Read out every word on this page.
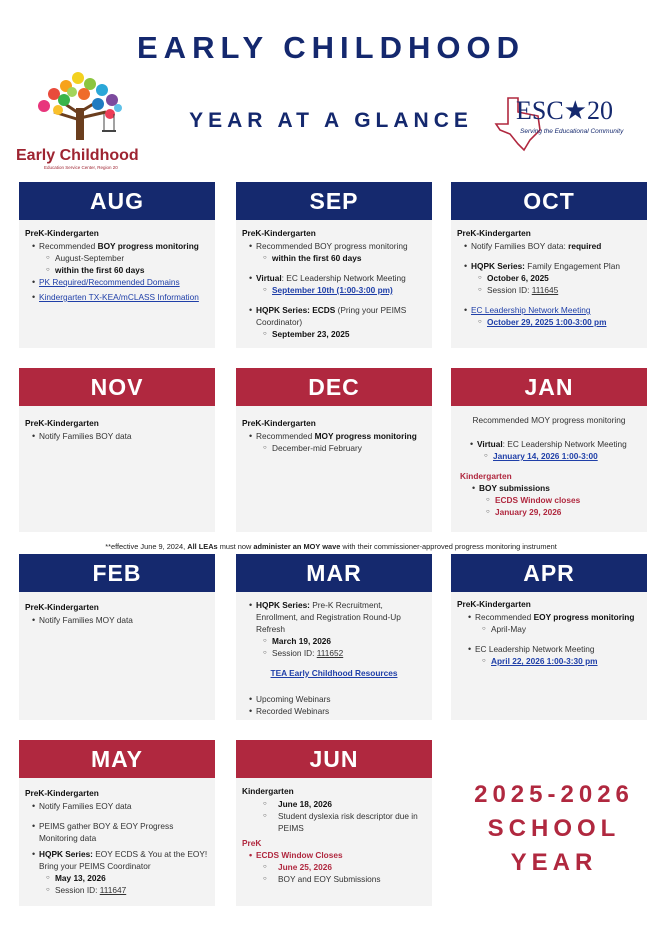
EARLY CHILDHOOD
YEAR AT A GLANCE
Early Childhood
Education Service Center, Region 20
ESC★20
Serving the Educational Community
AUG
PreK-Kindergarten
• Recommended BOY progress monitoring
○ August-September
○ within the first 60 days
• PK Required/Recommended Domains
• Kindergarten TX-KEA/mCLASS Information
SEP
PreK-Kindergarten
• Recommended BOY progress monitoring
○ within the first 60 days
• Virtual: EC Leadership Network Meeting
○ September 10th (1:00-3:00 pm)
• HQPK Series: ECDS (Pring your PEIMS Coordinator)
○ September 23, 2025
OCT
PreK-Kindergarten
• Notify Families BOY data: required
• HQPK Series: Family Engagement Plan
○ October 6, 2025
○ Session ID: 111645
• EC Leadership Network Meeting
○ October 29, 2025 1:00-3:00 pm
NOV
PreK-Kindergarten
• Notify Families BOY data
DEC
PreK-Kindergarten
• Recommended MOY progress monitoring
○ December-mid February
JAN
Recommended MOY progress monitoring
• Virtual: EC Leadership Network Meeting
○ January 14, 2026 1:00-3:00
Kindergarten
• BOY submissions
○ ECDS Window closes
○ January 29, 2026
**effective June 9, 2024, All LEAs must now administer an MOY wave with their commissioner-approved progress monitoring instrument
FEB
PreK-Kindergarten
• Notify Families MOY data
MAR
• HQPK Series: Pre-K Recruitment, Enrollment, and Registration Round-Up Refresh
○ March 19, 2026
○ Session ID: 111652
TEA Early Childhood Resources
• Upcoming Webinars
• Recorded Webinars
APR
PreK-Kindergarten
• Recommended EOY progress monitoring
○ April-May
• EC Leadership Network Meeting
○ April 22, 2026 1:00-3:30 pm
MAY
PreK-Kindergarten
• Notify Families EOY data
• PEIMS gather BOY & EOY Progress Monitoring data
• HQPK Series: EOY ECDS & You at the EOY! Bring your PEIMS Coordinator
○ May 13, 2026
○ Session ID: 111647
JUN
Kindergarten
○ June 18, 2026
○ Student dyslexia risk descriptor due in PEIMS
PreK
• ECDS Window Closes
○ June 25, 2026
○ BOY and EOY Submissions
2025-2026
SCHOOL
YEAR
